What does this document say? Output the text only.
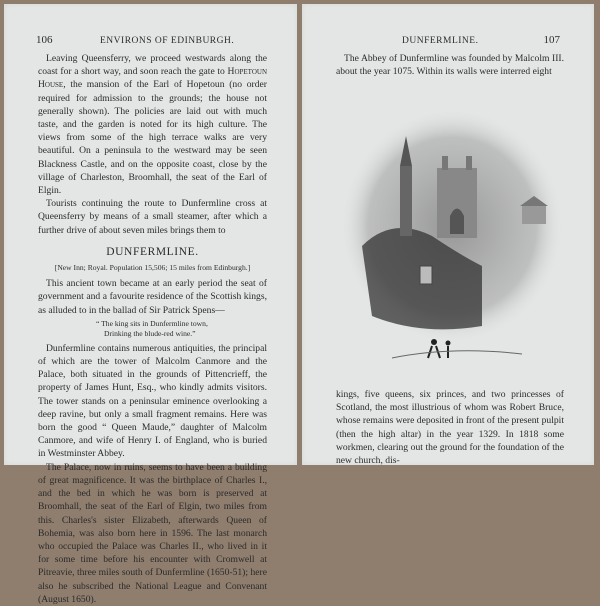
106	ENVIRONS OF EDINBURGH.

Leaving Queensferry, we proceed westwards along the coast for a short way, and soon reach the gate to Hopetoun House, the mansion of the Earl of Hopetoun (no order required for admission to the grounds; the house not generally shown). The policies are laid out with much taste, and the garden is noted for its high culture. The views from some of the high terrace walks are very beautiful. On a peninsula to the westward may be seen Blackness Castle, and on the opposite coast, close by the village of Charleston, Broomhall, the seat of the Earl of Elgin.

Tourists continuing the route to Dunfermline cross at Queensferry by means of a small steamer, after which a further drive of about seven miles brings them to

DUNFERMLINE.
[New Inn; Royal. Population 15,506; 15 miles from Edinburgh.]

This ancient town became at an early period the seat of government and a favourite residence of the Scottish kings, as alluded to in the ballad of Sir Patrick Spens—

“ The king sits in Dunfermline town,
Drinking the blude-red wine.”

Dunfermline contains numerous antiquities, the principal of which are the tower of Malcolm Canmore and the Palace, both situated in the grounds of Pittencrieff, the property of James Hunt, Esq., who kindly admits visitors. The tower stands on a peninsular eminence overlooking a deep ravine, but only a small fragment remains. Here was born the good “ Queen Maude,” daughter of Malcolm Canmore, and wife of Henry I. of England, who is buried in Westminster Abbey.

The Palace, now in ruins, seems to have been a building of great magnificence. It was the birthplace of Charles I., and the bed in which he was born is preserved at Broomhall, the seat of the Earl of Elgin, two miles from this. Charles's sister Elizabeth, afterwards Queen of Bohemia, was also born here in 1596. The last monarch who occupied the Palace was Charles II., who lived in it for some time before his encounter with Cromwell at Pitreavie, three miles south of Dunfermline (1650-51); here also he subscribed the National League and Convenant (August 1650).

DUNFERMLINE.	107

The Abbey of Dunfermline was founded by Malcolm III. about the year 1075. Within its walls were interred eight

kings, five queens, six princes, and two princesses of Scotland, the most illustrious of whom was Robert Bruce, whose remains were deposited in front of the present pulpit (then the high altar) in the year 1329. In 1818 some workmen, clearing out the ground for the foundation of the new church, dis-
